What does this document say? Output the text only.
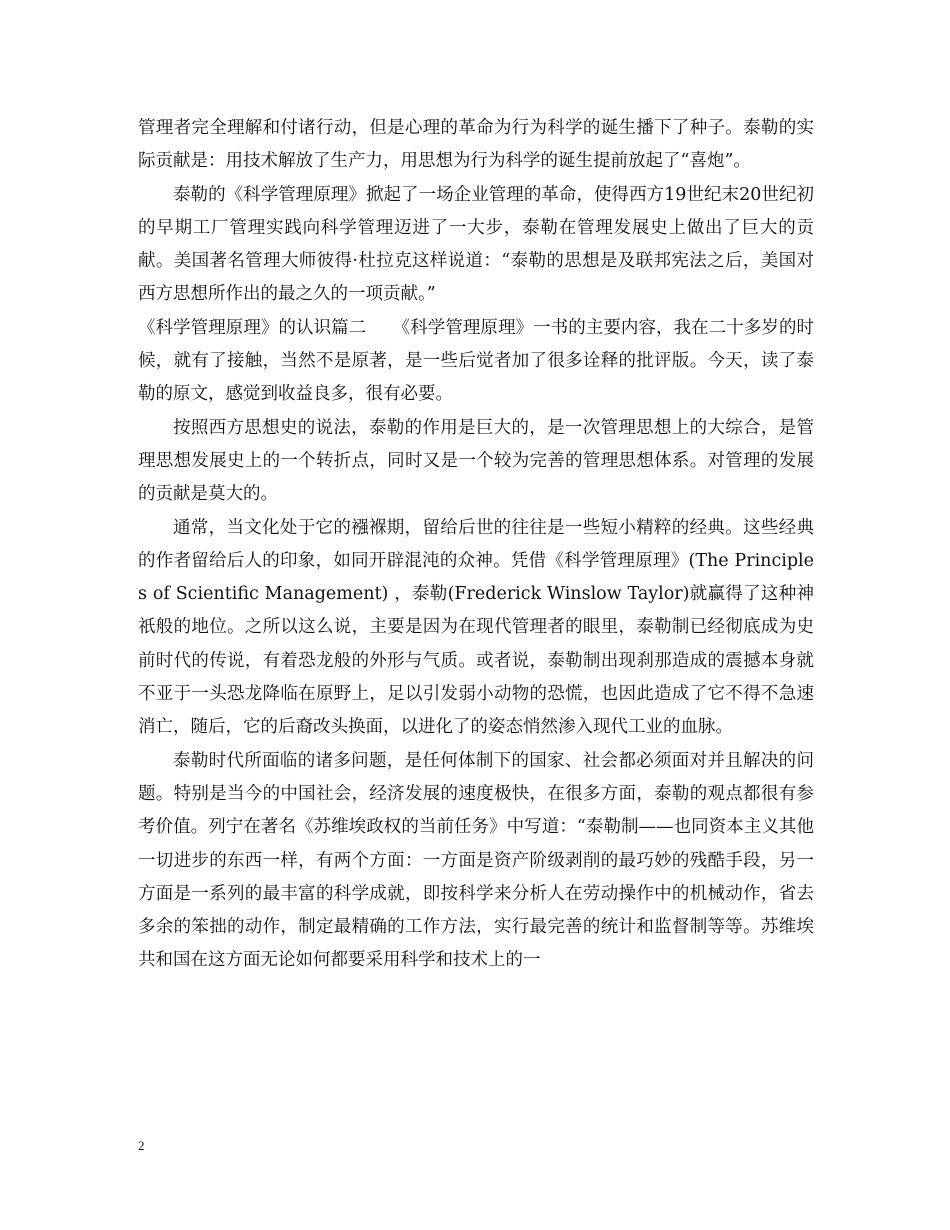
管理者完全理解和付诸行动，但是心理的革命为行为科学的诞生播下了种子。泰勒的实际贡献是：用技术解放了生产力，用思想为行为科学的诞生提前放起了“喜炮”。

泰勒的《科学管理原理》掀起了一场企业管理的革命，使得西方19世纪末20世纪初的早期工厂管理实践向科学管理迈进了一大步，泰勒在管理发展史上做出了巨大的贡献。美国著名管理大师彼得·杜拉克这样说道：“泰勒的思想是及联邦宪法之后，美国对西方思想所作出的最之久的一项贡献。”

《科学管理原理》的认识篇二　　《科学管理原理》一书的主要内容，我在二十多岁的时候，就有了接触，当然不是原著，是一些后觉者加了很多诠释的批评版。今天，读了泰勒的原文，感觉到收益良多，很有必要。

按照西方思想史的说法，泰勒的作用是巨大的，是一次管理思想上的大综合，是管理思想发展史上的一个转折点，同时又是一个较为完善的管理思想体系。对管理的发展的贡献是莫大的。

通常，当文化处于它的襁褓期，留给后世的往往是一些短小精粹的经典。这些经典的作者留给后人的印象，如同开辟混沌的众神。凭借《科学管理原理》(The Principles of Scientific Management) ，泰勒(Frederick Winslow Taylor)就赢得了这种神祇般的地位。之所以这么说，主要是因为在现代管理者的眼里，泰勒制已经彻底成为史前时代的传说，有着恐龙般的外形与气质。或者说，泰勒制出现刹那造成的震撼本身就不亚于一头恐龙降临在原野上，足以引发弱小动物的恐慌，也因此造成了它不得不急速消亡，随后，它的后裔改头换面，以进化了的姿态悄然渗入现代工业的血脉。

泰勒时代所面临的诸多问题，是任何体制下的国家、社会都必须面对并且解决的问题。特别是当今的中国社会，经济发展的速度极快，在很多方面，泰勒的观点都很有参考价值。列宁在著名《苏维埃政权的当前任务》中写道：“泰勒制——也同资本主义其他一切进步的东西一样，有两个方面：一方面是资产阶级剥削的最巧妙的残酷手段，另一方面是一系列的最丰富的科学成就，即按科学来分析人在劳动操作中的机械动作，省去多余的笨拙的动作，制定最精确的工作方法，实行最完善的统计和监督制等等。苏维埃共和国在这方面无论如何都要采用科学和技术上的一

2
